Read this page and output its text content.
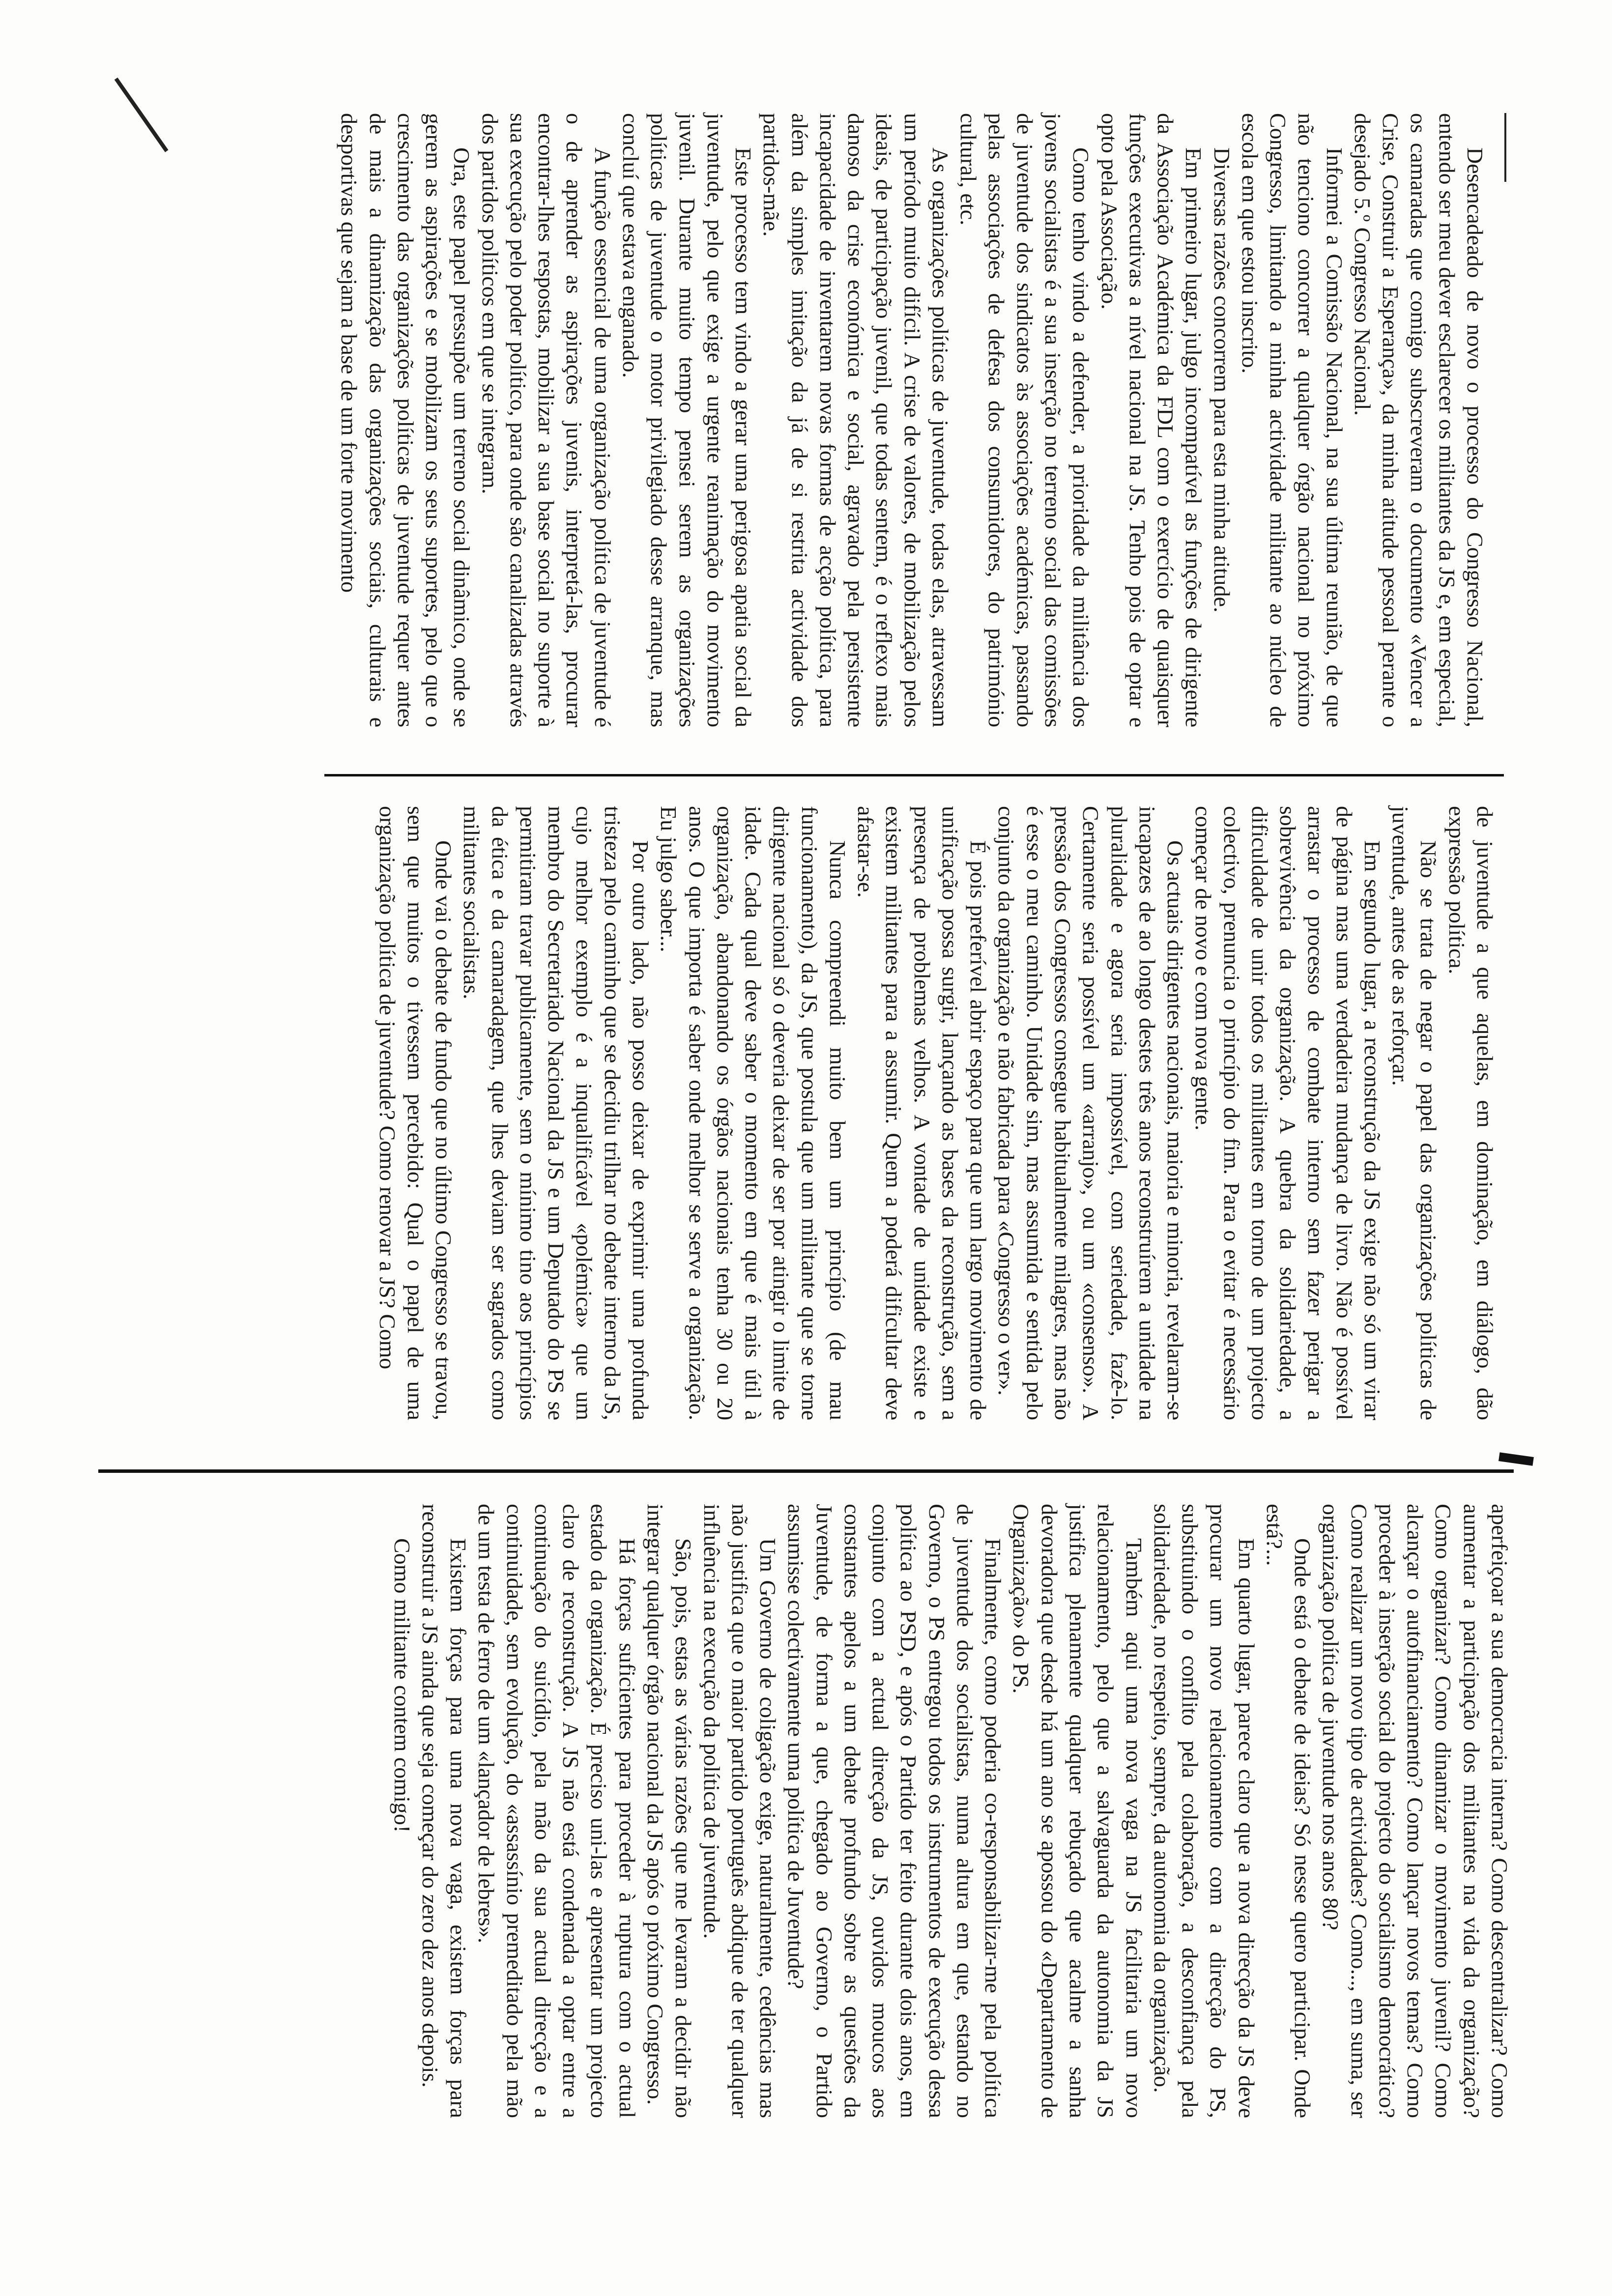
Desencadeado de novo o processo do Congresso Nacional, entendo ser meu dever esclarecer os militantes da JS e, em especial, os camaradas que comigo subscreveram o documento «Vencer a Crise, Construir a Esperança», da minha atitude pessoal perante o desejado 5.º Congresso Nacional.

Informei a Comissão Nacional, na sua última reunião, de que não tenciono concorrer a qualquer órgão nacional no próximo Congresso, limitando a minha actividade militante ao núcleo de escola em que estou inscrito.

Diversas razões concorrem para esta minha atitude.

Em primeiro lugar, julgo incompatível as funções de dirigente da Associação Académica da FDL com o exercício de quaisquer funções executivas a nível nacional na JS. Tenho pois de optar e opto pela Associação.

Como tenho vindo a defender, a prioridade da militância dos jovens socialistas é a sua inserção no terreno social das comissões de juventude dos sindicatos às associações académicas, passando pelas associações de defesa dos consumidores, do património cultural, etc.

As organizações políticas de juventude, todas elas, atravessam um período muito difícil. A crise de valores, de mobilização pelos ideais, de participação juvenil, que todas sentem, é o reflexo mais danoso da crise económica e social, agravado pela persistente incapacidade de inventarem novas formas de acção política, para além da simples imitação da já de si restrita actividade dos partidos-mãe.

Este processo tem vindo a gerar uma perigosa apatia social da juventude, pelo que exige a urgente reanimação do movimento juvenil. Durante muito tempo pensei serem as organizações políticas de juventude o motor privilegiado desse arranque, mas concluí que estava enganado.

A função essencial de uma organização política de juventude é o de aprender as aspirações juvenis, interpretá-las, procurar encontrar-lhes respostas, mobilizar a sua base social no suporte à sua execução pelo poder político, para onde são canalizadas através dos partidos políticos em que se integram.

Ora, este papel pressupõe um terreno social dinâmico, onde se gerem as aspirações e se mobilizam os seus suportes, pelo que o crescimento das organizações políticas de juventude requer antes de mais a dinamização das organizações sociais, culturais e desportivas que sejam a base de um forte movimento

de juventude a que aquelas, em dominação, em diálogo, dão expressão política.

Não se trata de negar o papel das organizações políticas de juventude, antes de as reforçar.

Em segundo lugar, a reconstrução da JS exige não só um virar de página mas uma verdadeira mudança de livro. Não é possível arrastar o processo de combate interno sem fazer perigar a sobrevivência da organização. A quebra da solidariedade, a dificuldade de unir todos os militantes em torno de um projecto colectivo, prenuncia o princípio do fim. Para o evitar é necessário começar de novo e com nova gente.

Os actuais dirigentes nacionais, maioria e minoria, revelaram-se incapazes de ao longo destes três anos reconstruírem a unidade na pluralidade e agora seria impossível, com seriedade, fazê-lo. Certamente seria possível um «arranjo», ou um «consenso». A pressão dos Congressos consegue habitualmente milagres, mas não é esse o meu caminho. Unidade sim, mas assumida e sentida pelo conjunto da organização e não fabricada para «Congresso o ver».

É pois preferível abrir espaço para que um largo movimento de unificação possa surgir, lançando as bases da reconstrução, sem a presença de problemas velhos. A vontade de unidade existe e existem militantes para a assumir. Quem a poderá dificultar deve afastar-se.

Nunca compreendi muito bem um princípio (de mau funcionamento), da JS, que postula que um militante que se torne dirigente nacional só o deveria deixar de ser por atingir o limite de idade. Cada qual deve saber o momento em que é mais útil à organização, abandonando os órgãos nacionais tenha 30 ou 20 anos. O que importa é saber onde melhor se serve a organização. Eu julgo saber...

Por outro lado, não posso deixar de exprimir uma profunda tristeza pelo caminho que se decidiu trilhar no debate interno da JS, cujo melhor exemplo é a inqualificável «polémica» que um membro do Secretariado Nacional da JS e um Deputado do PS se permitiram travar publicamente, sem o mínimo tino aos princípios da ética e da camaradagem, que lhes deviam ser sagrados como militantes socialistas.

Onde vai o debate de fundo que no último Congresso se travou, sem que muitos o tivessem percebido: Qual o papel de uma organização política de juventude? Como renovar a JS? Como

aperfeiçoar a sua democracia interna? Como descentralizar? Como aumentar a participação dos militantes na vida da organização? Como organizar? Como dinamizar o movimento juvenil? Como alcançar o autofinanciamento? Como lançar novos temas? Como proceder à inserção social do projecto do socialismo democrático? Como realizar um novo tipo de actividades? Como..., em suma, ser organização política de juventude nos anos 80?

Onde está o debate de ideias? Só nesse quero participar. Onde está?...

Em quarto lugar, parece claro que a nova direcção da JS deve procurar um novo relacionamento com a direcção do PS, substituindo o conflito pela colaboração, a desconfiança pela solidariedade, no respeito, sempre, da autonomia da organização.

Também aqui uma nova vaga na JS facilitaria um novo relacionamento, pelo que a salvaguarda da autonomia da JS justifica plenamente qualquer rebuçado que acalme a sanha devoradora que desde há um ano se apossou do «Departamento de Organização» do PS.

Finalmente, como poderia co-responsabilizar-me pela política de juventude dos socialistas, numa altura em que, estando no Governo, o PS entregou todos os instrumentos de execução dessa política ao PSD, e após o Partido ter feito durante dois anos, em conjunto com a actual direcção da JS, ouvidos moucos aos constantes apelos a um debate profundo sobre as questões da Juventude, de forma a que, chegado ao Governo, o Partido assumisse colectivamente uma política de Juventude?

Um Governo de coligação exige, naturalmente, cedências mas não justifica que o maior partido português abdique de ter qualquer influência na execução da política de juventude.

São, pois, estas as várias razões que me levaram a decidir não integrar qualquer órgão nacional da JS após o próximo Congresso.

Há forças suficientes para proceder à ruptura com o actual estado da organização. É preciso uni-las e apresentar um projecto claro de reconstrução. A JS não está condenada a optar entre a continuação do suicídio, pela mão da sua actual direcção e a continuidade, sem evolução, do «assassínio premeditado pela mão de um testa de ferro de um «lançador de lebres».

Existem forças para uma nova vaga, existem forças para reconstruir a JS ainda que seja começar do zero dez anos depois.

Como militante contem comigo!
